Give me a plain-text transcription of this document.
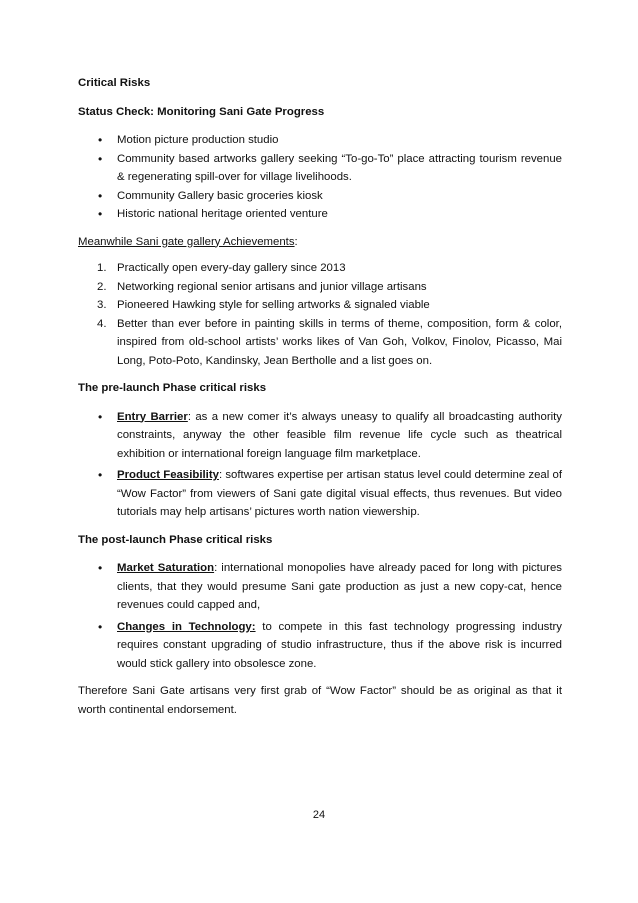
Critical Risks
Status Check: Monitoring Sani Gate Progress
• Motion picture production studio
• Community based artworks gallery seeking “To-go-To” place attracting tourism revenue & regenerating spill-over for village livelihoods.
• Community Gallery basic groceries kiosk
• Historic national heritage oriented venture

Meanwhile Sani gate gallery Achievements:

1. Practically open every-day gallery since 2013
2. Networking regional senior artisans and junior village artisans
3. Pioneered Hawking style for selling artworks & signaled viable
4. Better than ever before in painting skills in terms of theme, composition, form & color, inspired from old-school artists’ works likes of Van Goh, Volkov, Finolov, Picasso, Mai Long, Poto-Poto, Kandinsky, Jean Bertholle and a list goes on.
The pre-launch Phase critical risks
• Entry Barrier: as a new comer it’s always uneasy to qualify all broadcasting authority constraints, anyway the other feasible film revenue life cycle such as theatrical exhibition or international foreign language film marketplace.
• Product Feasibility: softwares expertise per artisan status level could determine zeal of “Wow Factor” from viewers of Sani gate digital visual effects, thus revenues. But video tutorials may help artisans’ pictures worth nation viewership.
The post-launch Phase critical risks
• Market Saturation: international monopolies have already paced for long with pictures clients, that they would presume Sani gate production as just a new copy-cat, hence revenues could capped and,
• Changes in Technology: to compete in this fast technology progressing industry requires constant upgrading of studio infrastructure, thus if the above risk is incurred would stick gallery into obsolesce zone.

Therefore Sani Gate artisans very first grab of “Wow Factor” should be as original as that it worth continental endorsement.

24
